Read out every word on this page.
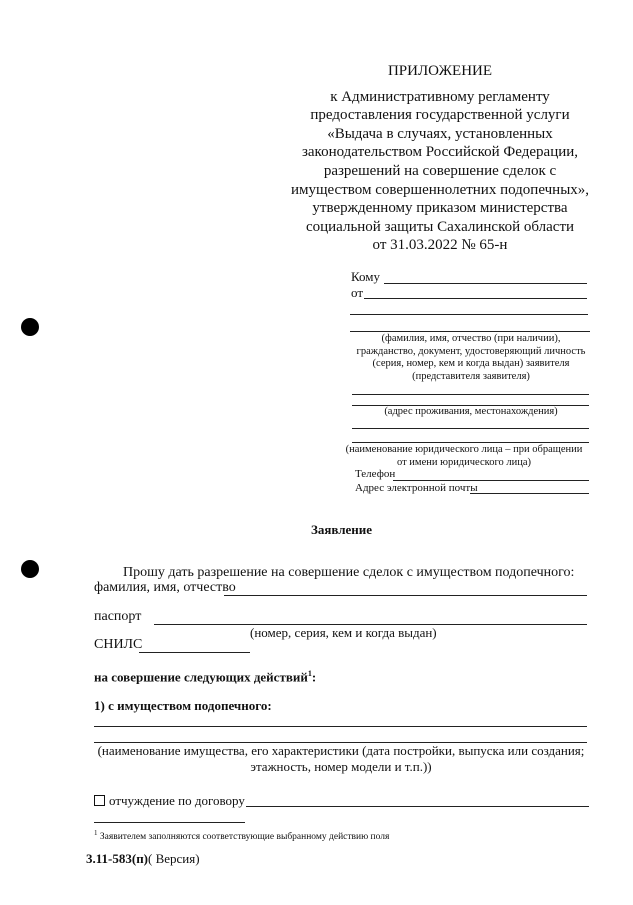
ПРИЛОЖЕНИЕ
к Административному регламенту
предоставления государственной услуги
«Выдача в случаях, установленных
законодательством Российской Федерации,
разрешений на совершение сделок с
имуществом совершеннолетних подопечных»,
утвержденному приказом министерства
социальной защиты Сахалинской области
от 31.03.2022 № 65-н
Кому
от
(фамилия, имя, отчество (при наличии),
гражданство, документ, удостоверяющий личность
(серия, номер, кем и когда выдан) заявителя
(представителя заявителя)
(адрес проживания, местонахождения)
(наименование юридического лица – при обращении
от имени юридического лица)
Телефон
Адрес электронной почты
Заявление
Прошу дать разрешение на совершение сделок с имуществом подопечного:
фамилия, имя, отчество
паспорт
(номер, серия, кем и когда выдан)
СНИЛС
на совершение следующих действий$^1$:
1) с имуществом подопечного:
(наименование имущества, его характеристики (дата постройки, выпуска или создания;
этажность, номер модели и т.п.))
отчуждение по договору
$^1$ Заявителем заполняются соответствующие выбранному действию поля
3.11-583(п)( Версия)
